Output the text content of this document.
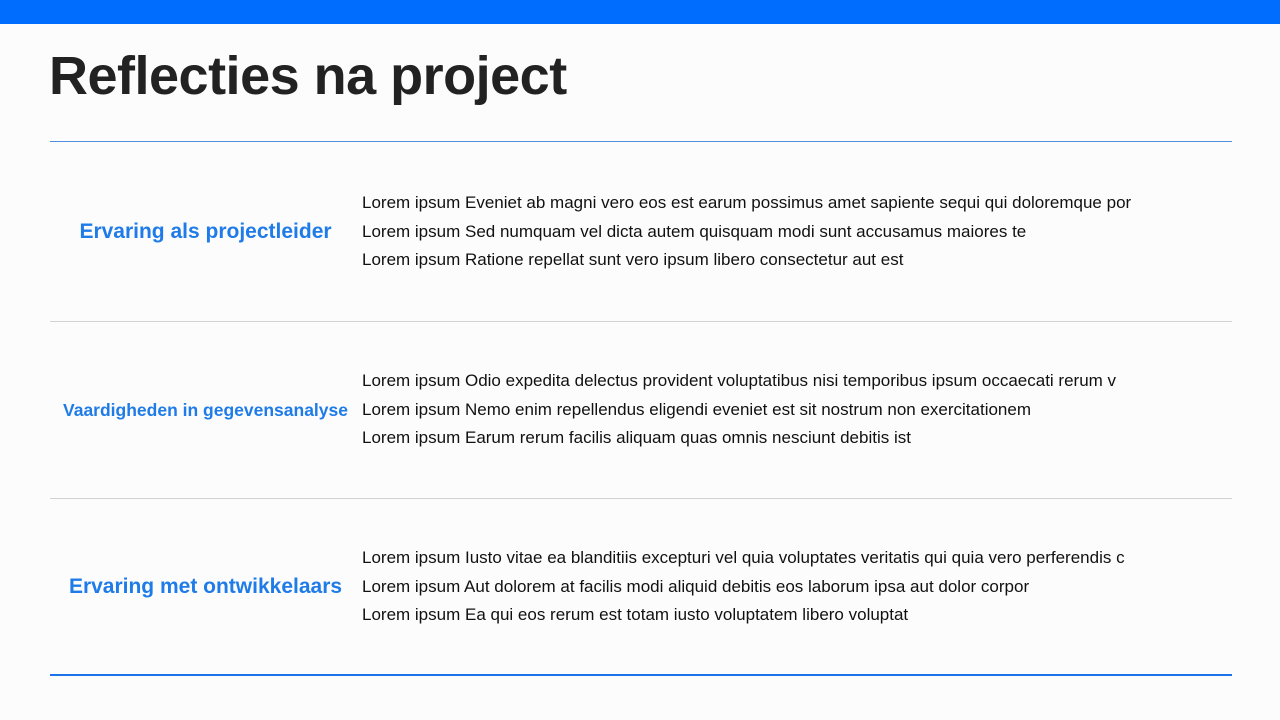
Reflecties na project
Ervaring als projectleider
Lorem ipsum Eveniet ab magni vero eos est earum possimus amet sapiente sequi qui doloremque por
Lorem ipsum Sed numquam vel dicta autem quisquam modi sunt accusamus maiores te
Lorem ipsum Ratione repellat sunt vero ipsum libero consectetur aut est
Vaardigheden in gegevensanalyse
Lorem ipsum Odio expedita delectus provident voluptatibus nisi temporibus ipsum occaecati rerum v
Lorem ipsum Nemo enim repellendus eligendi eveniet est sit nostrum non exercitationem
Lorem ipsum Earum rerum facilis aliquam quas omnis nesciunt debitis ist
Ervaring met ontwikkelaars
Lorem ipsum Iusto vitae ea blanditiis excepturi vel quia voluptates veritatis qui quia vero perferendis c
Lorem ipsum Aut dolorem at facilis modi aliquid debitis eos laborum ipsa aut dolor corpor
Lorem ipsum Ea qui eos rerum est totam iusto voluptatem libero voluptat
